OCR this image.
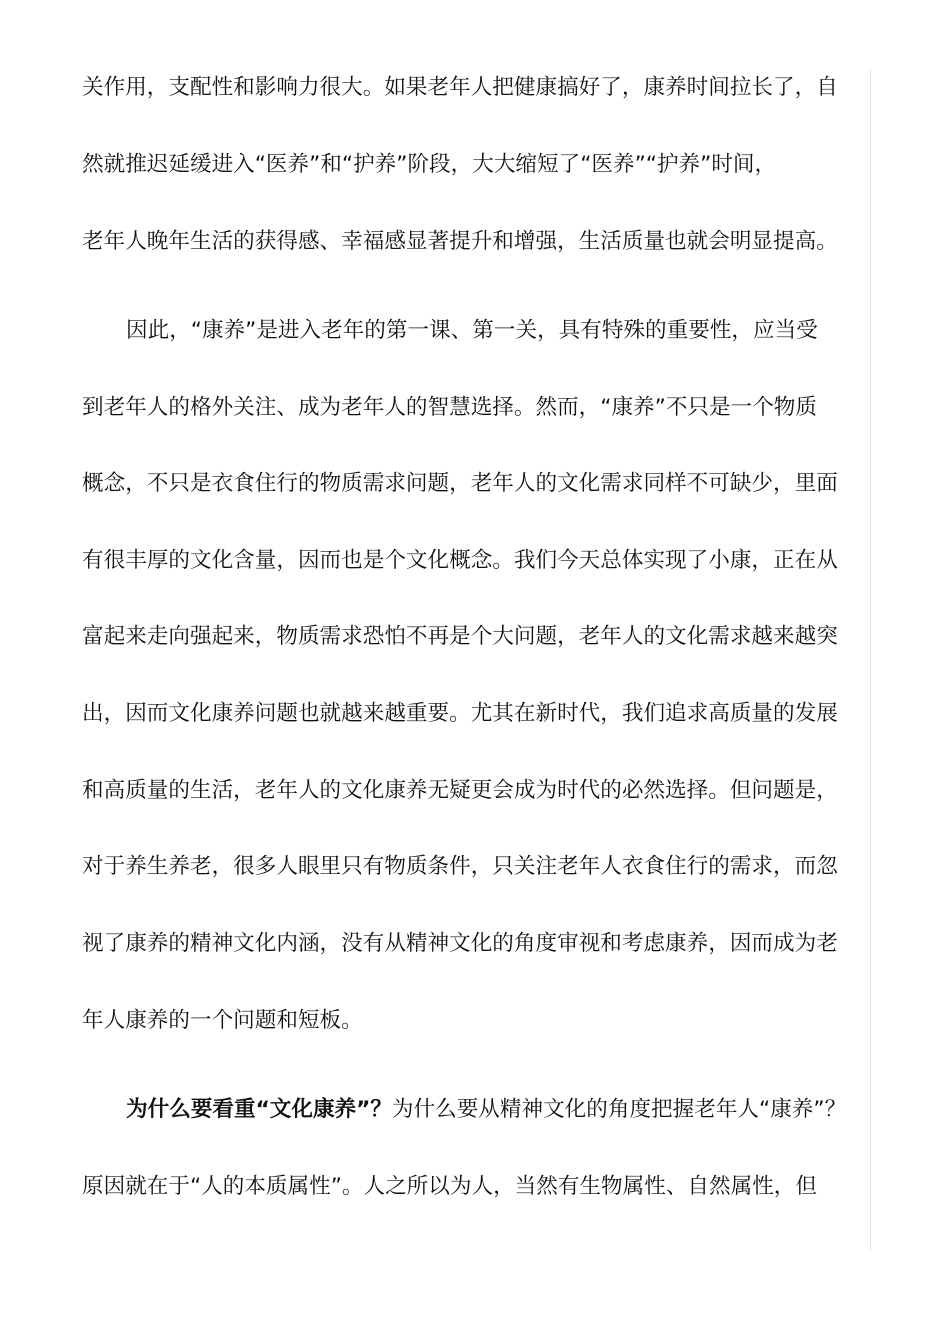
关作用，支配性和影响力很大。如果老年人把健康搞好了，康养时间拉长了，自
然就推迟延缓进入“医养”和“护养”阶段，大大缩短了“医养”“护养”时间，
老年人晚年生活的获得感、幸福感显著提升和增强，生活质量也就会明显提高。
因此，“康养”是进入老年的第一课、第一关，具有特殊的重要性，应当受
到老年人的格外关注、成为老年人的智慧选择。然而，“康养”不只是一个物质
概念，不只是衣食住行的物质需求问题，老年人的文化需求同样不可缺少，里面
有很丰厚的文化含量，因而也是个文化概念。我们今天总体实现了小康，正在从
富起来走向强起来，物质需求恐怕不再是个大问题，老年人的文化需求越来越突
出，因而文化康养问题也就越来越重要。尤其在新时代，我们追求高质量的发展
和高质量的生活，老年人的文化康养无疑更会成为时代的必然选择。但问题是，
对于养生养老，很多人眼里只有物质条件，只关注老年人衣食住行的需求，而忽
视了康养的精神文化内涵，没有从精神文化的角度审视和考虑康养，因而成为老
年人康养的一个问题和短板。
为什么要看重“文化康养”？为什么要从精神文化的角度把握老年人“康养”？
原因就在于“人的本质属性”。人之所以为人，当然有生物属性、自然属性，但
